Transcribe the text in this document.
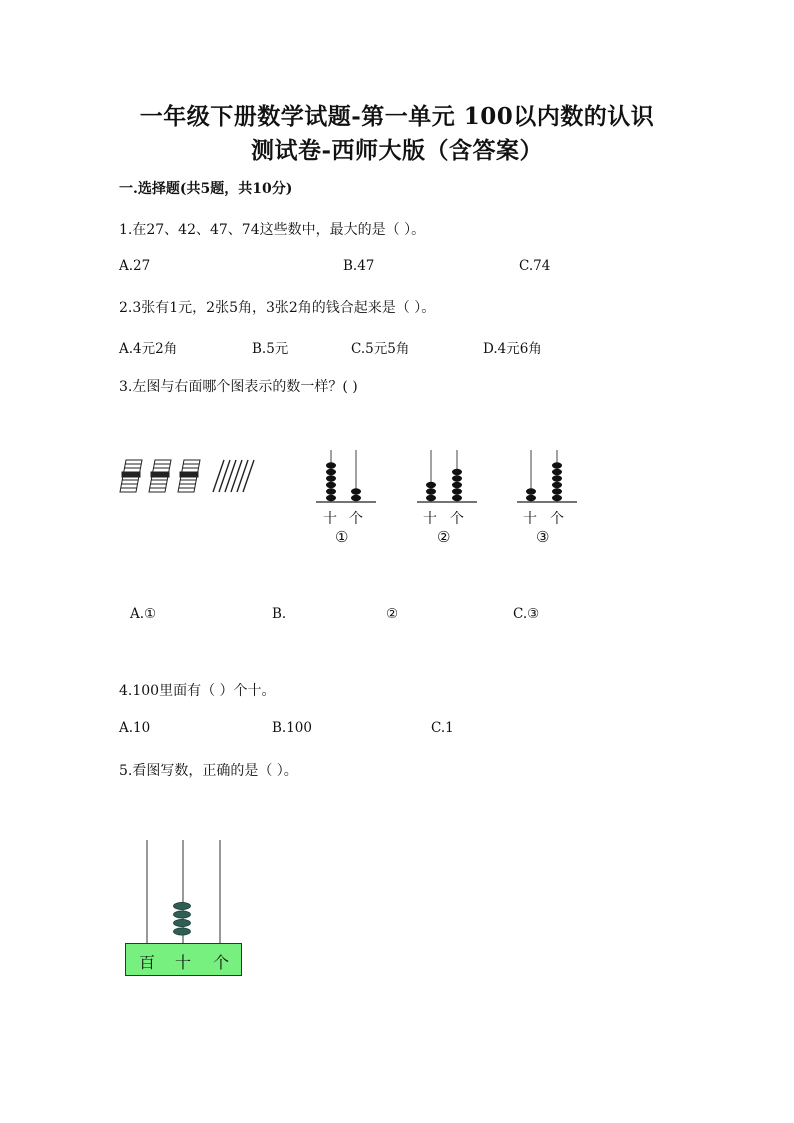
一年级下册数学试题-第一单元 100以内数的认识
测试卷-西师大版（含答案）
一.选择题(共5题，共10分)
1.在27、42、47、74这些数中，最大的是（ ）。
A.27	B.47	C.74
2.3张有1元，2张5角，3张2角的钱合起来是（ ）。
A.4元2角	B.5元	C.5元5角	D.4元6角
3.左图与右面哪个图表示的数一样？( )
十 个
①
十 个
②
十 个
③
A.①	B.	②	C.③
4.100里面有（ ）个十。
A.10	B.100	C.1
5.看图写数，正确的是（ ）。
百 十 个
